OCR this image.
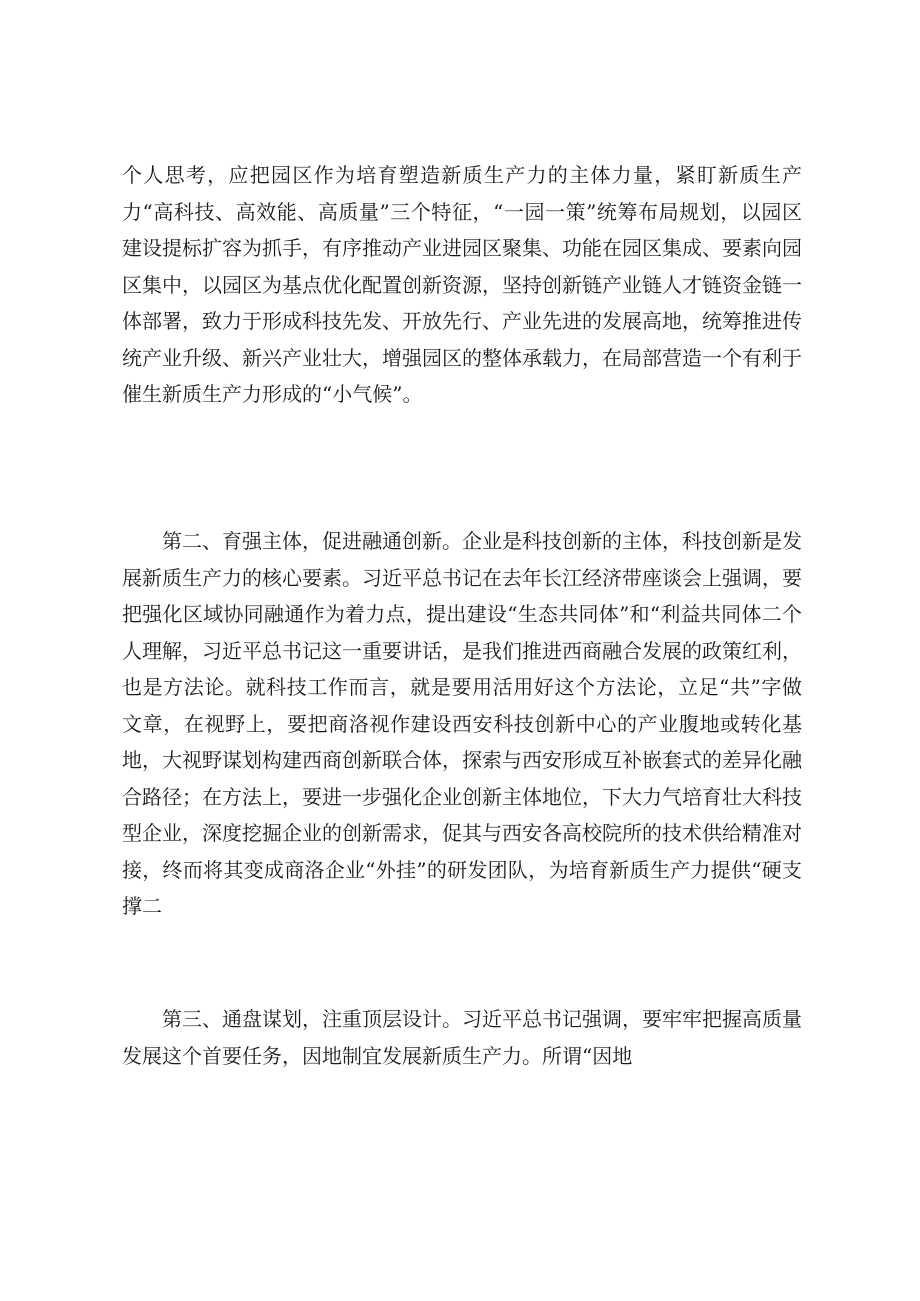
个人思考，应把园区作为培育塑造新质生产力的主体力量，紧盯新质生产力“高科技、高效能、高质量”三个特征，“一园一策”统筹布局规划，以园区建设提标扩容为抓手，有序推动产业进园区聚集、功能在园区集成、要素向园区集中，以园区为基点优化配置创新资源，坚持创新链产业链人才链资金链一体部署，致力于形成科技先发、开放先行、产业先进的发展高地，统筹推进传统产业升级、新兴产业壮大，增强园区的整体承载力，在局部营造一个有利于催生新质生产力形成的“小气候”。

第二、育强主体，促进融通创新。企业是科技创新的主体，科技创新是发展新质生产力的核心要素。习近平总书记在去年长江经济带座谈会上强调，要把强化区域协同融通作为着力点，提出建设“生态共同体”和“利益共同体二个人理解，习近平总书记这一重要讲话，是我们推进西商融合发展的政策红利，也是方法论。就科技工作而言，就是要用活用好这个方法论，立足“共”字做文章，在视野上，要把商洛视作建设西安科技创新中心的产业腹地或转化基地，大视野谋划构建西商创新联合体，探索与西安形成互补嵌套式的差异化融合路径；在方法上，要进一步强化企业创新主体地位，下大力气培育壮大科技型企业，深度挖掘企业的创新需求，促其与西安各高校院所的技术供给精准对接，终而将其变成商洛企业“外挂”的研发团队，为培育新质生产力提供“硬支撑二

第三、通盘谋划，注重顶层设计。习近平总书记强调，要牢牢把握高质量发展这个首要任务，因地制宜发展新质生产力。所谓“因地
